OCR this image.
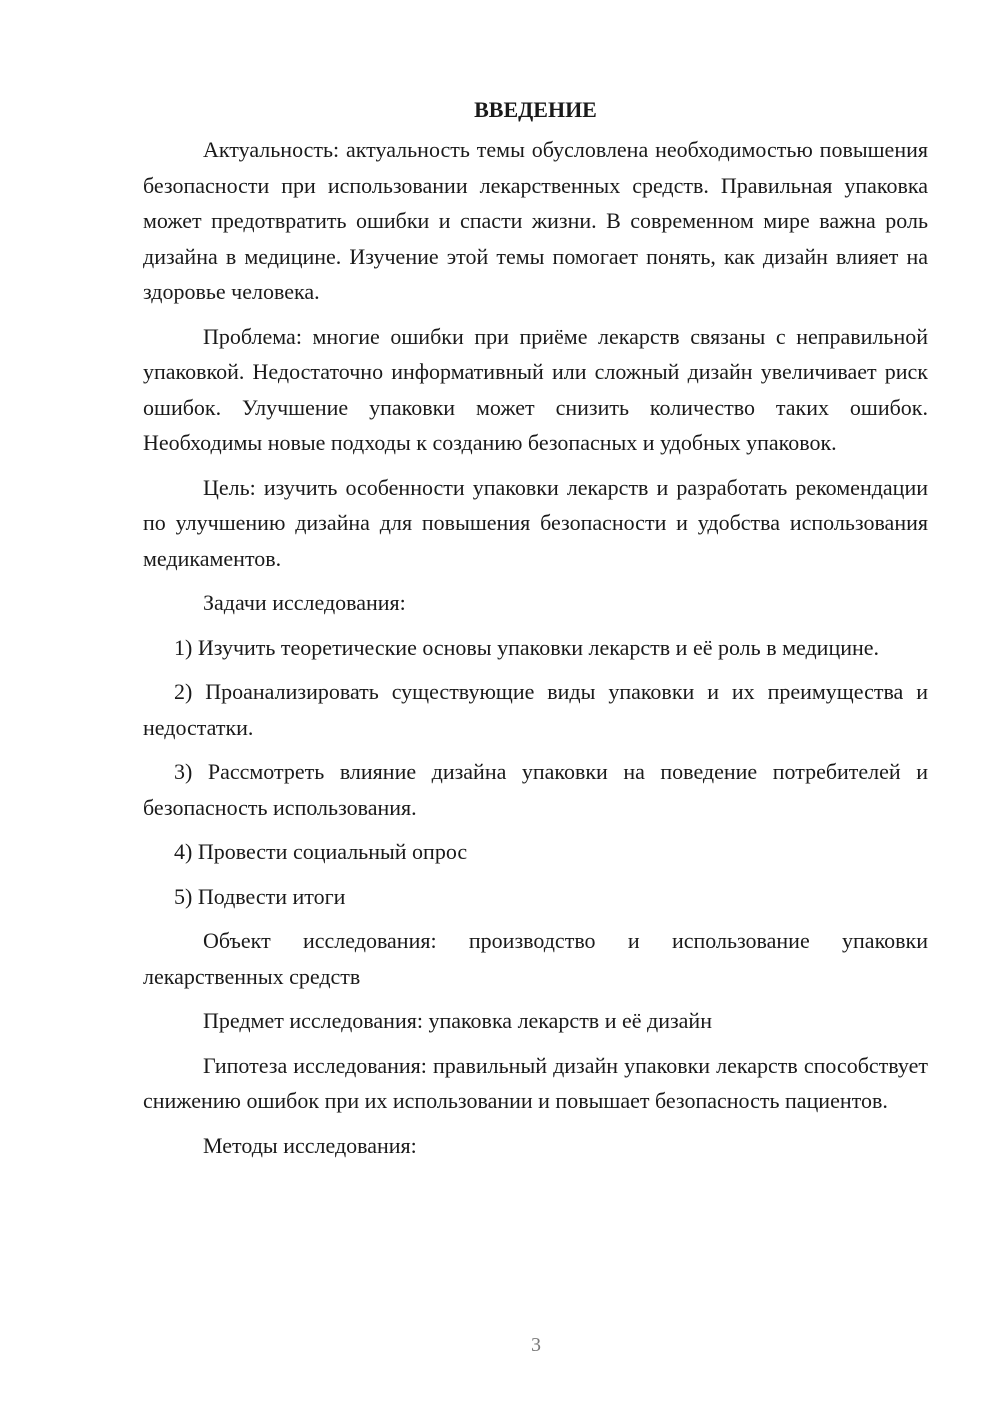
ВВЕДЕНИЕ

Актуальность: актуальность темы обусловлена необходимостью повышения безопасности при использовании лекарственных средств. Правильная упаковка может предотвратить ошибки и спасти жизни. В современном мире важна роль дизайна в медицине. Изучение этой темы помогает понять, как дизайн влияет на здоровье человека.

Проблема: многие ошибки при приёме лекарств связаны с неправильной упаковкой. Недостаточно информативный или сложный дизайн увеличивает риск ошибок. Улучшение упаковки может снизить количество таких ошибок. Необходимы новые подходы к созданию безопасных и удобных упаковок.

Цель: изучить особенности упаковки лекарств и разработать рекомендации по улучшению дизайна для повышения безопасности и удобства использования медикаментов.

Задачи исследования:

1) Изучить теоретические основы упаковки лекарств и её роль в медицине.

2) Проанализировать существующие виды упаковки и их преимущества и недостатки.

3) Рассмотреть влияние дизайна упаковки на поведение потребителей и безопасность использования.

4) Провести социальный опрос

5) Подвести итоги

Объект исследования: производство и использование упаковки лекарственных средств

Предмет исследования: упаковка лекарств и её дизайн

Гипотеза исследования: правильный дизайн упаковки лекарств способствует снижению ошибок при их использовании и повышает безопасность пациентов.

Методы исследования:

3
